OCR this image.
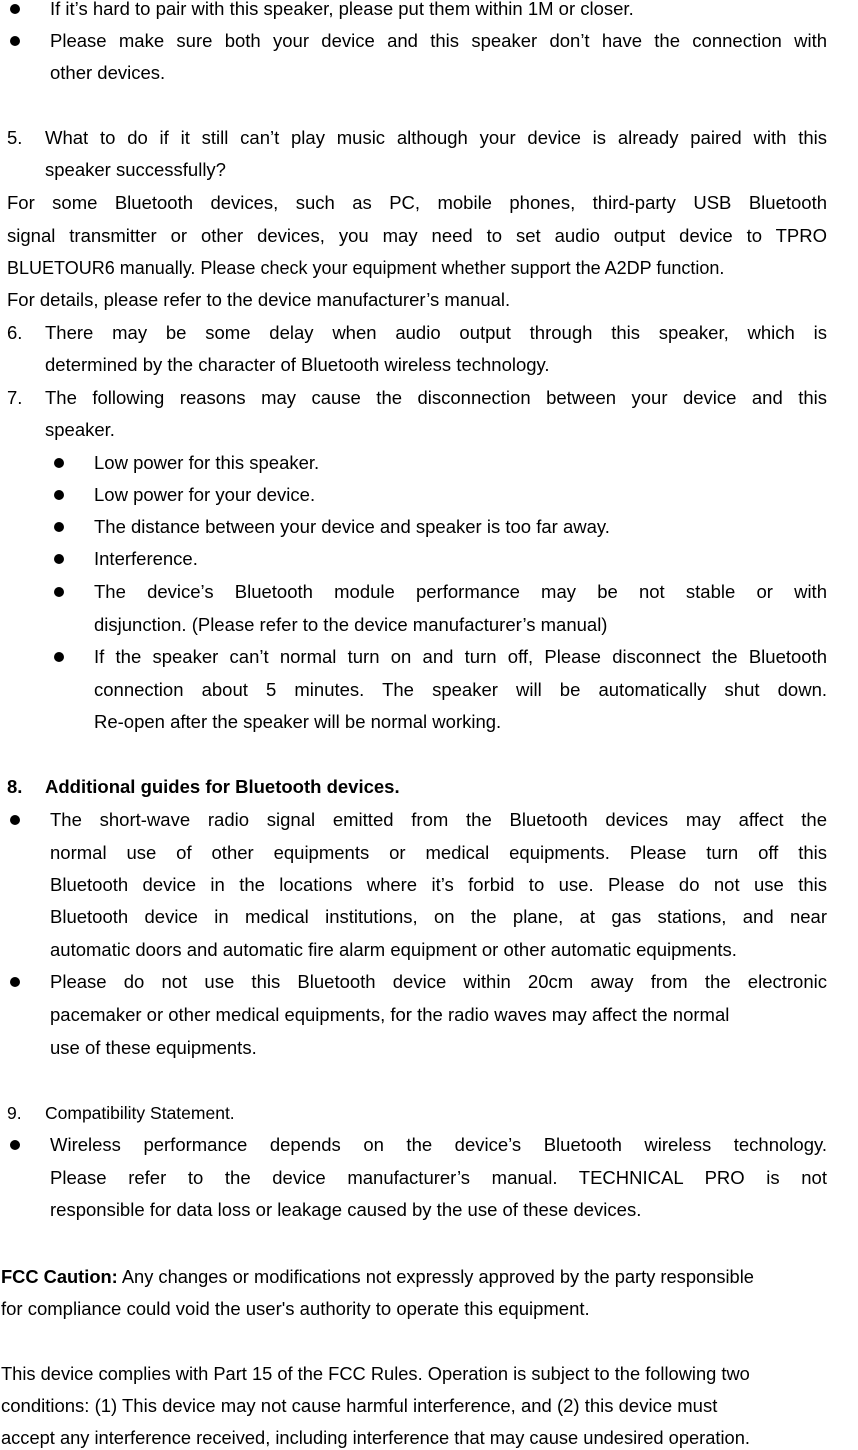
If it’s hard to pair with this speaker, please put them within 1M or closer.
Please make sure both your device and this speaker don’t have the connection with
other devices.
5. What to do if it still can’t play music although your device is already paired with this
speaker successfully?
For some Bluetooth devices, such as PC, mobile phones, third-party USB Bluetooth
signal transmitter or other devices, you may need to set audio output device to TPRO
BLUETOUR6 manually. Please check your equipment whether support the A2DP function.
For details, please refer to the device manufacturer’s manual.
6. There may be some delay when audio output through this speaker, which is
determined by the character of Bluetooth wireless technology.
7. The following reasons may cause the disconnection between your device and this
speaker.
Low power for this speaker.
Low power for your device.
The distance between your device and speaker is too far away.
Interference.
The device’s Bluetooth module performance may be not stable or with
disjunction. (Please refer to the device manufacturer’s manual)
If the speaker can’t normal turn on and turn off, Please disconnect the Bluetooth
connection about 5 minutes. The speaker will be automatically shut down.
Re-open after the speaker will be normal working.
8. Additional guides for Bluetooth devices.
The short-wave radio signal emitted from the Bluetooth devices may affect the
normal use of other equipments or medical equipments. Please turn off this
Bluetooth device in the locations where it’s forbid to use. Please do not use this
Bluetooth device in medical institutions, on the plane, at gas stations, and near
automatic doors and automatic fire alarm equipment or other automatic equipments.
Please do not use this Bluetooth device within 20cm away from the electronic
pacemaker or other medical equipments, for the radio waves may affect the normal
use of these equipments.
9. Compatibility Statement.
Wireless performance depends on the device’s Bluetooth wireless technology.
Please refer to the device manufacturer’s manual. TECHNICAL PRO is not
responsible for data loss or leakage caused by the use of these devices.
FCC Caution: Any changes or modifications not expressly approved by the party responsible
for compliance could void the user's authority to operate this equipment.
This device complies with Part 15 of the FCC Rules. Operation is subject to the following two
conditions: (1) This device may not cause harmful interference, and (2) this device must
accept any interference received, including interference that may cause undesired operation.
